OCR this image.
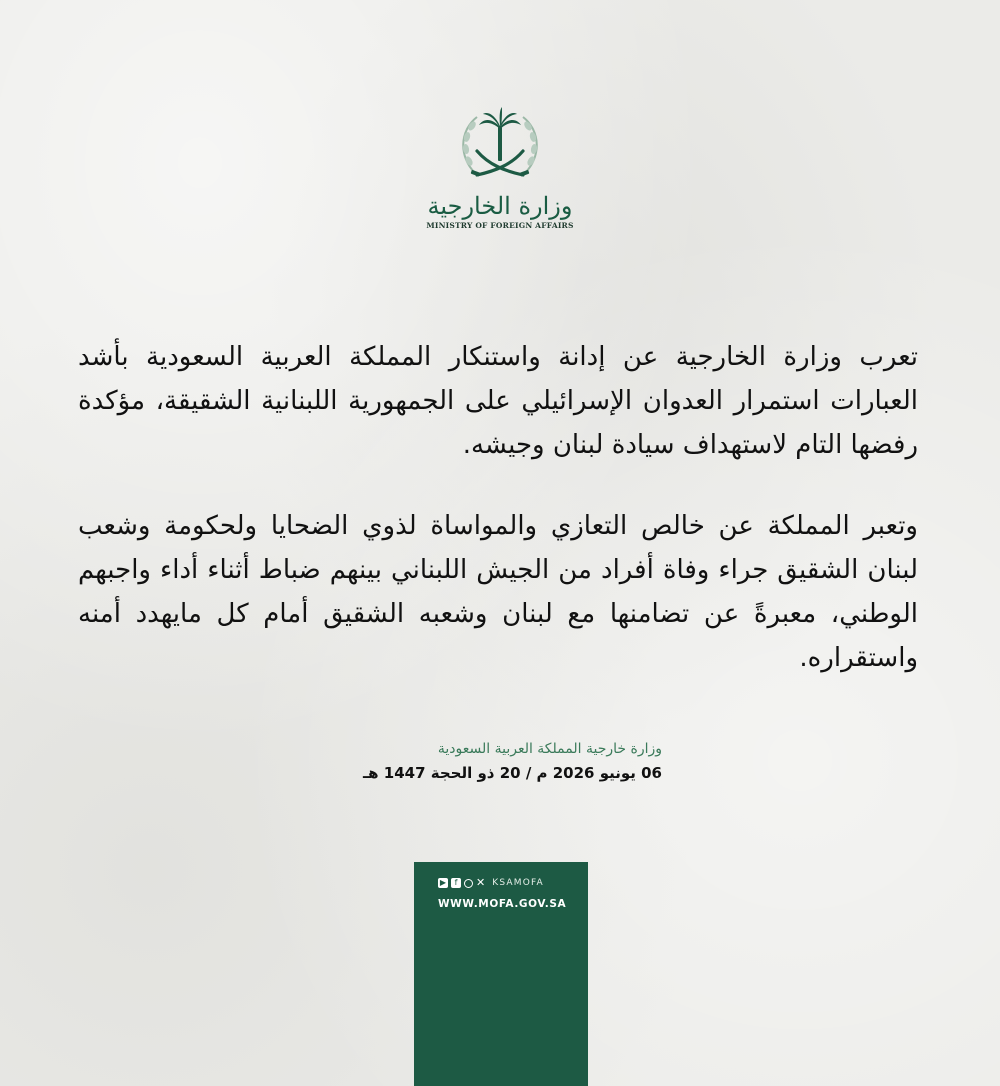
وزارة الخارجية
MINISTRY OF FOREIGN AFFAIRS
تعرب وزارة الخارجية عن إدانة واستنكار المملكة العربية السعودية بأشد العبارات استمرار العدوان الإسرائيلي على الجمهورية اللبنانية الشقيقة، مؤكدة رفضها التام لاستهداف سيادة لبنان وجيشه.
وتعبر المملكة عن خالص التعازي والمواساة لذوي الضحايا ولحكومة وشعب لبنان الشقيق جراء وفاة أفراد من الجيش اللبناني بينهم ضباط أثناء أداء واجبهم الوطني، معبرةً عن تضامنها مع لبنان وشعبه الشقيق أمام كل مايهدد أمنه واستقراره.
وزارة خارجية المملكة العربية السعودية
06 يونيو 2026 م / 20 ذو الحجة 1447 هـ
▶	f	✕ KSAMOFA
WWW.MOFA.GOV.SA
